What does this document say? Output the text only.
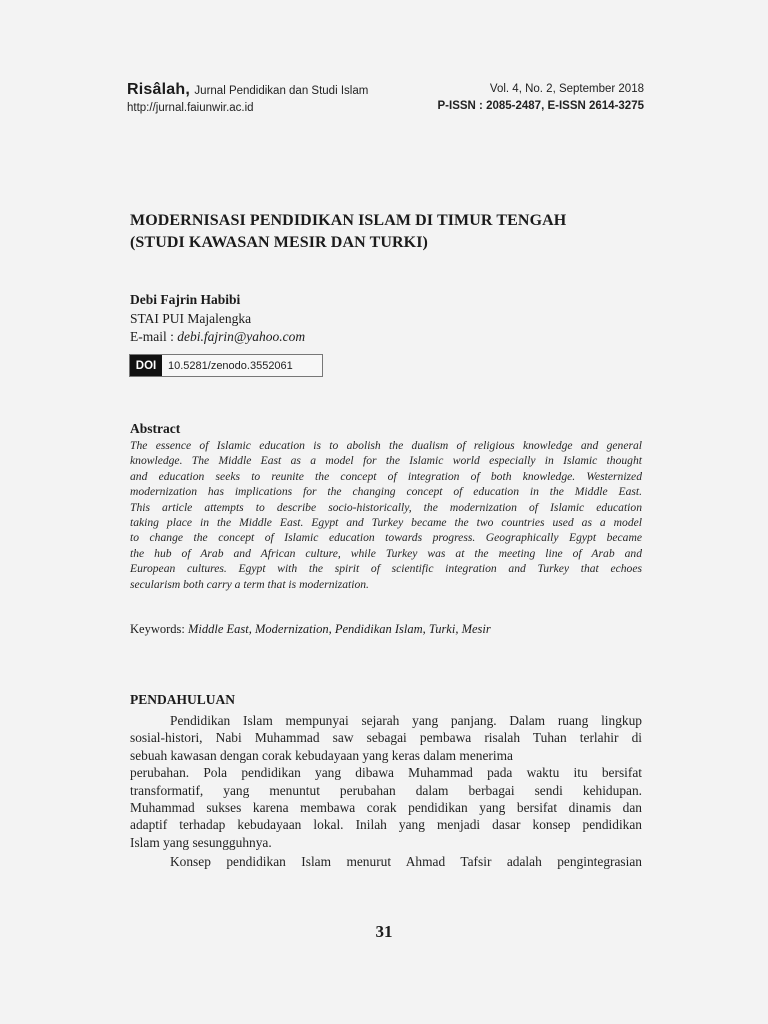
Risâlah, Jurnal Pendidikan dan Studi Islam
http://jurnal.faiunwir.ac.id
Vol. 4, No. 2, September 2018
P-ISSN : 2085-2487, E-ISSN 2614-3275
MODERNISASI PENDIDIKAN ISLAM DI TIMUR TENGAH
(STUDI KAWASAN MESIR DAN TURKI)
Debi Fajrin Habibi
STAI PUI Majalengka
E-mail : debi.fajrin@yahoo.com
DOI	10.5281/zenodo.3552061
Abstract
The essence of Islamic education is to abolish the dualism of religious knowledge and general
knowledge. The Middle East as a model for the Islamic world especially in Islamic thought
and education seeks to reunite the concept of integration of both knowledge. Westernized
modernization has implications for the changing concept of education in the Middle East.
This article attempts to describe socio-historically, the modernization of Islamic education
taking place in the Middle East. Egypt and Turkey became the two countries used as a model
to change the concept of Islamic education towards progress. Geographically Egypt became
the hub of Arab and African culture, while Turkey was at the meeting line of Arab and
European cultures. Egypt with the spirit of scientific integration and Turkey that echoes
secularism both carry a term that is modernization.
Keywords: Middle East, Modernization, Pendidikan Islam, Turki, Mesir
PENDAHULUAN
Pendidikan Islam mempunyai sejarah yang panjang. Dalam ruang lingkup
sosial-histori, Nabi Muhammad saw sebagai pembawa risalah Tuhan terlahir di
sebuah kawasan dengan corak kebudayaan yang keras dalam menerima
perubahan. Pola pendidikan yang dibawa Muhammad pada waktu itu bersifat
transformatif, yang menuntut perubahan dalam berbagai sendi kehidupan.
Muhammad sukses karena membawa corak pendidikan yang bersifat dinamis dan
adaptif terhadap kebudayaan lokal. Inilah yang menjadi dasar konsep pendidikan
Islam yang sesungguhnya.
Konsep pendidikan Islam menurut Ahmad Tafsir adalah pengintegrasian
31
